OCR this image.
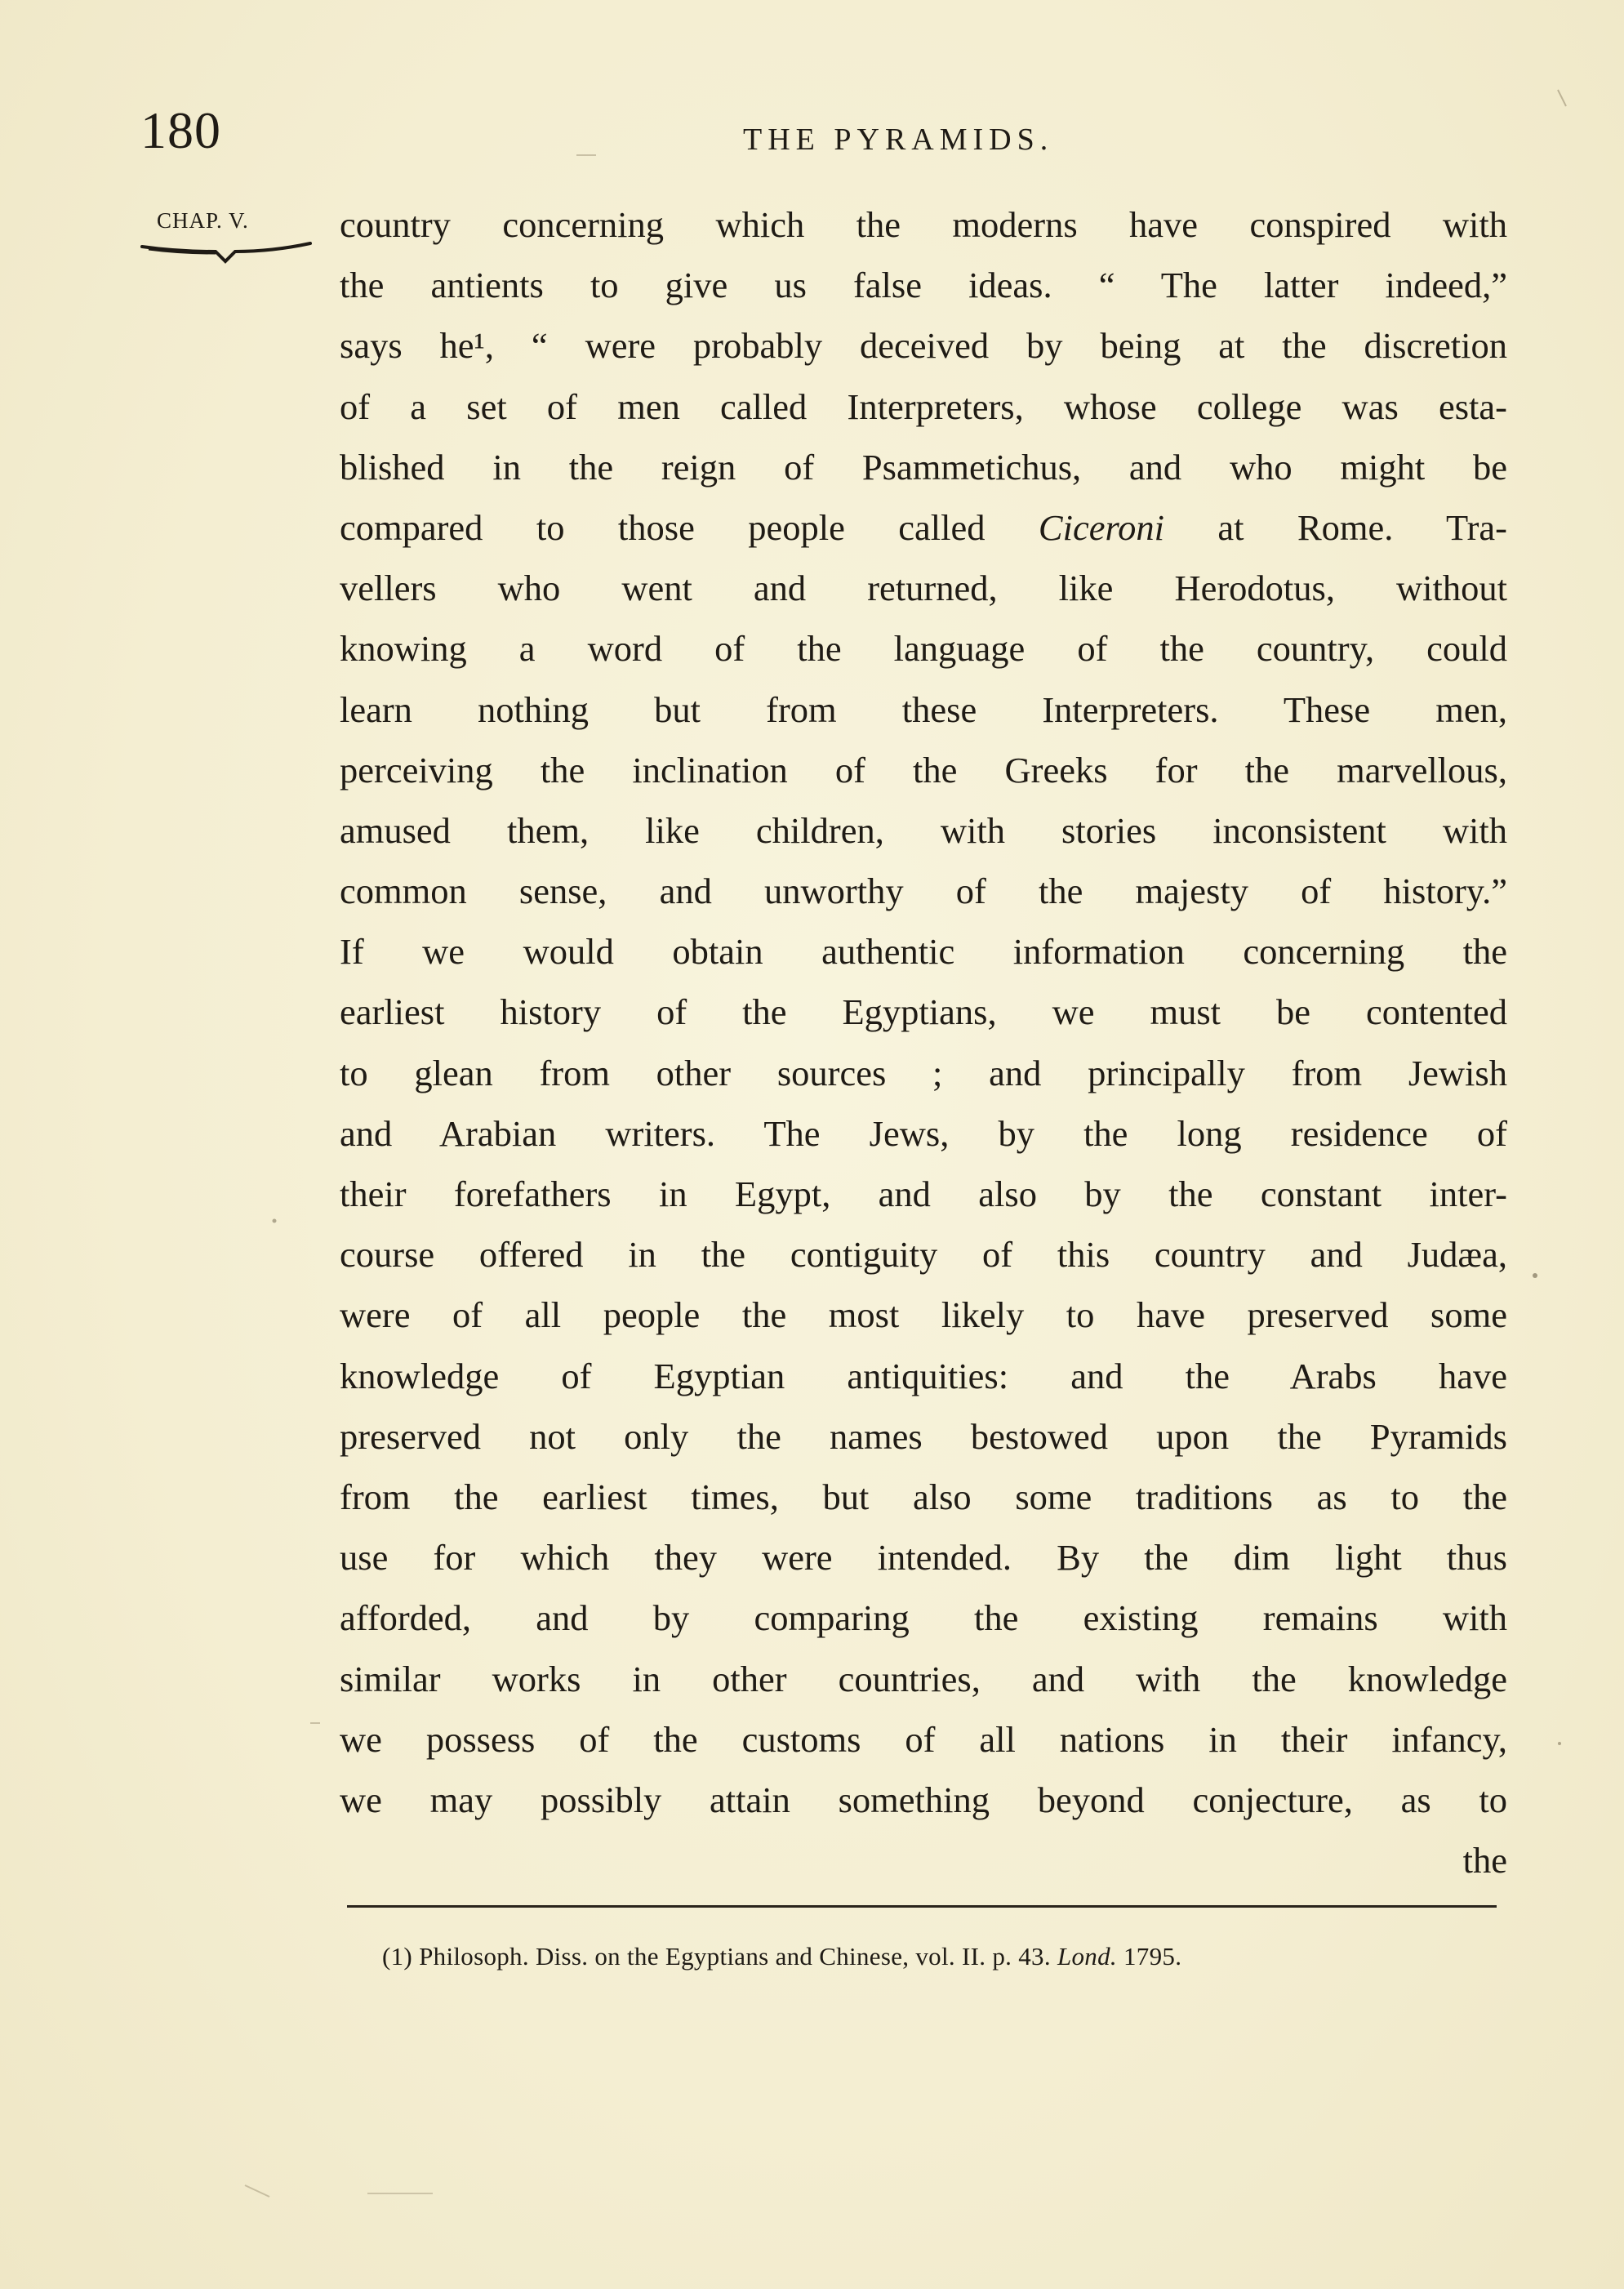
180	THE PYRAMIDS.
CHAP. V. country concerning which the moderns have conspired with
the antients to give us false ideas. “ The latter indeed,”
says he¹, “ were probably deceived by being at the discretion
of a set of men called Interpreters, whose college was esta-
blished in the reign of Psammetichus, and who might be
compared to those people called Ciceroni at Rome. Tra-
vellers who went and returned, like Herodotus, without
knowing a word of the language of the country, could
learn nothing but from these Interpreters. These men,
perceiving the inclination of the Greeks for the marvellous,
amused them, like children, with stories inconsistent with
common sense, and unworthy of the majesty of history.”
If we would obtain authentic information concerning the
earliest history of the Egyptians, we must be contented
to glean from other sources ; and principally from Jewish
and Arabian writers. The Jews, by the long residence of
their forefathers in Egypt, and also by the constant inter-
course offered in the contiguity of this country and Judæa,
were of all people the most likely to have preserved some
knowledge of Egyptian antiquities: and the Arabs have
preserved not only the names bestowed upon the Pyramids
from the earliest times, but also some traditions as to the
use for which they were intended. By the dim light thus
afforded, and by comparing the existing remains with
similar works in other countries, and with the knowledge
we possess of the customs of all nations in their infancy,
we may possibly attain something beyond conjecture, as to
the
(1) Philosoph. Diss. on the Egyptians and Chinese, vol. II. p. 43. Lond. 1795.
